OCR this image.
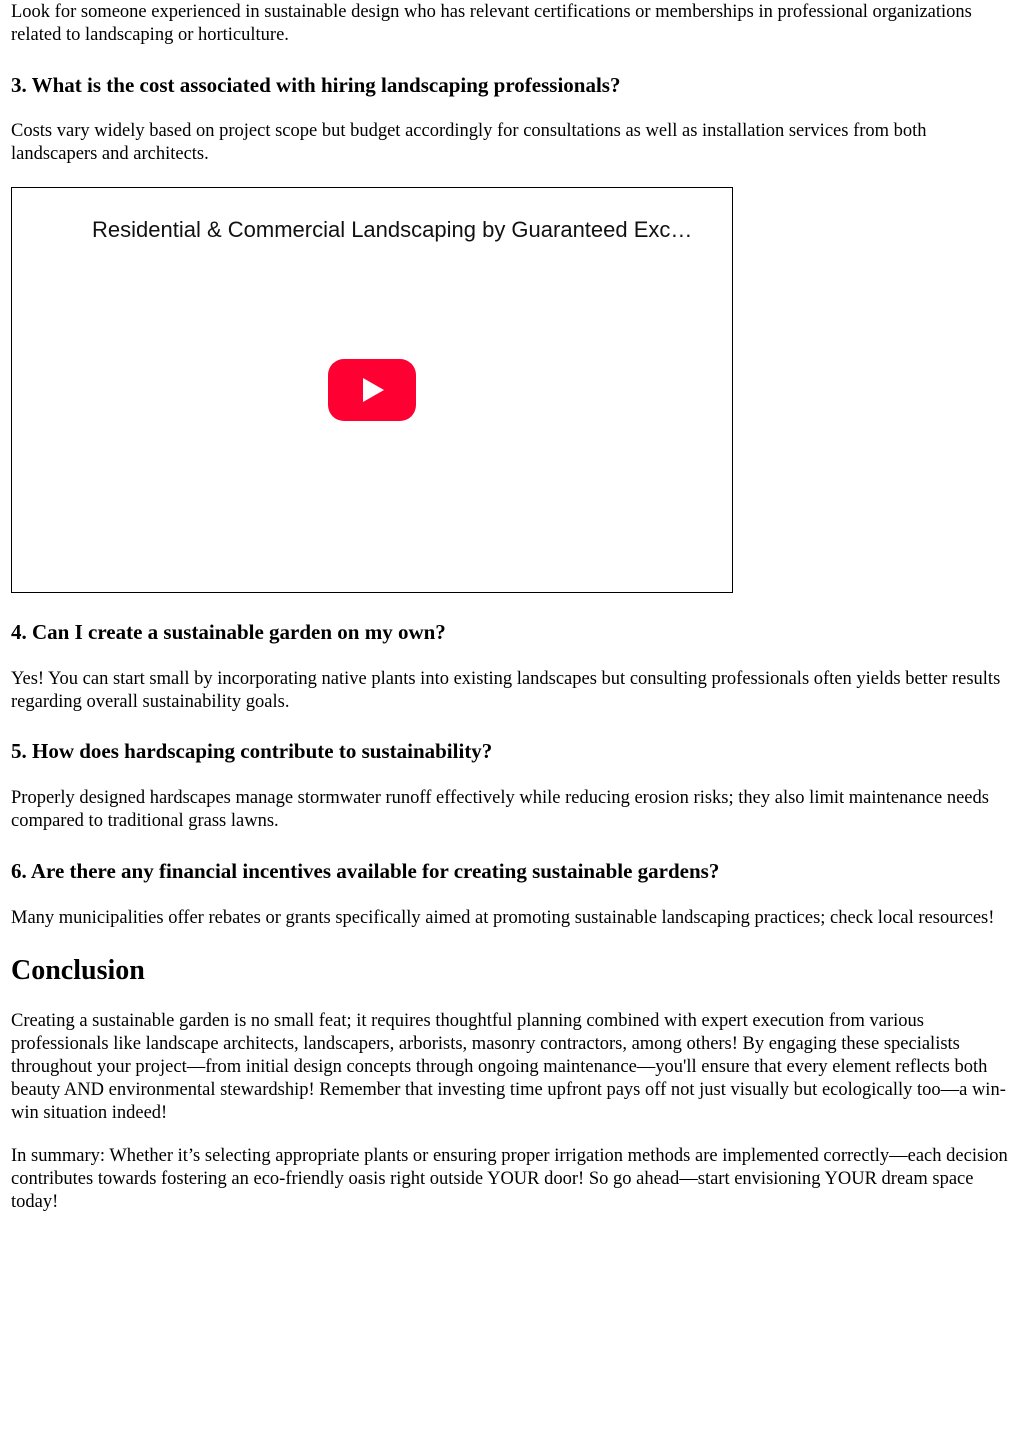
Look for someone experienced in sustainable design who has relevant certifications or memberships in professional organizations related to landscaping or horticulture.

3. What is the cost associated with hiring landscaping professionals?

Costs vary widely based on project scope but budget accordingly for consultations as well as installation services from both landscapers and architects.

Residential & Commercial Landscaping by Guaranteed Exc…
4. Can I create a sustainable garden on my own?

Yes! You can start small by incorporating native plants into existing landscapes but consulting professionals often yields better results regarding overall sustainability goals.

5. How does hardscaping contribute to sustainability?

Properly designed hardscapes manage stormwater runoff effectively while reducing erosion risks; they also limit maintenance needs compared to traditional grass lawns.

6. Are there any financial incentives available for creating sustainable gardens?

Many municipalities offer rebates or grants specifically aimed at promoting sustainable landscaping practices; check local resources!

Conclusion

Creating a sustainable garden is no small feat; it requires thoughtful planning combined with expert execution from various professionals like landscape architects, landscapers, arborists, masonry contractors, among others! By engaging these specialists throughout your project—from initial design concepts through ongoing maintenance—you'll ensure that every element reflects both beauty AND environmental stewardship! Remember that investing time upfront pays off not just visually but ecologically too—a win-win situation indeed!

In summary: Whether it’s selecting appropriate plants or ensuring proper irrigation methods are implemented correctly—each decision contributes towards fostering an eco-friendly oasis right outside YOUR door! So go ahead—start envisioning YOUR dream space today!
